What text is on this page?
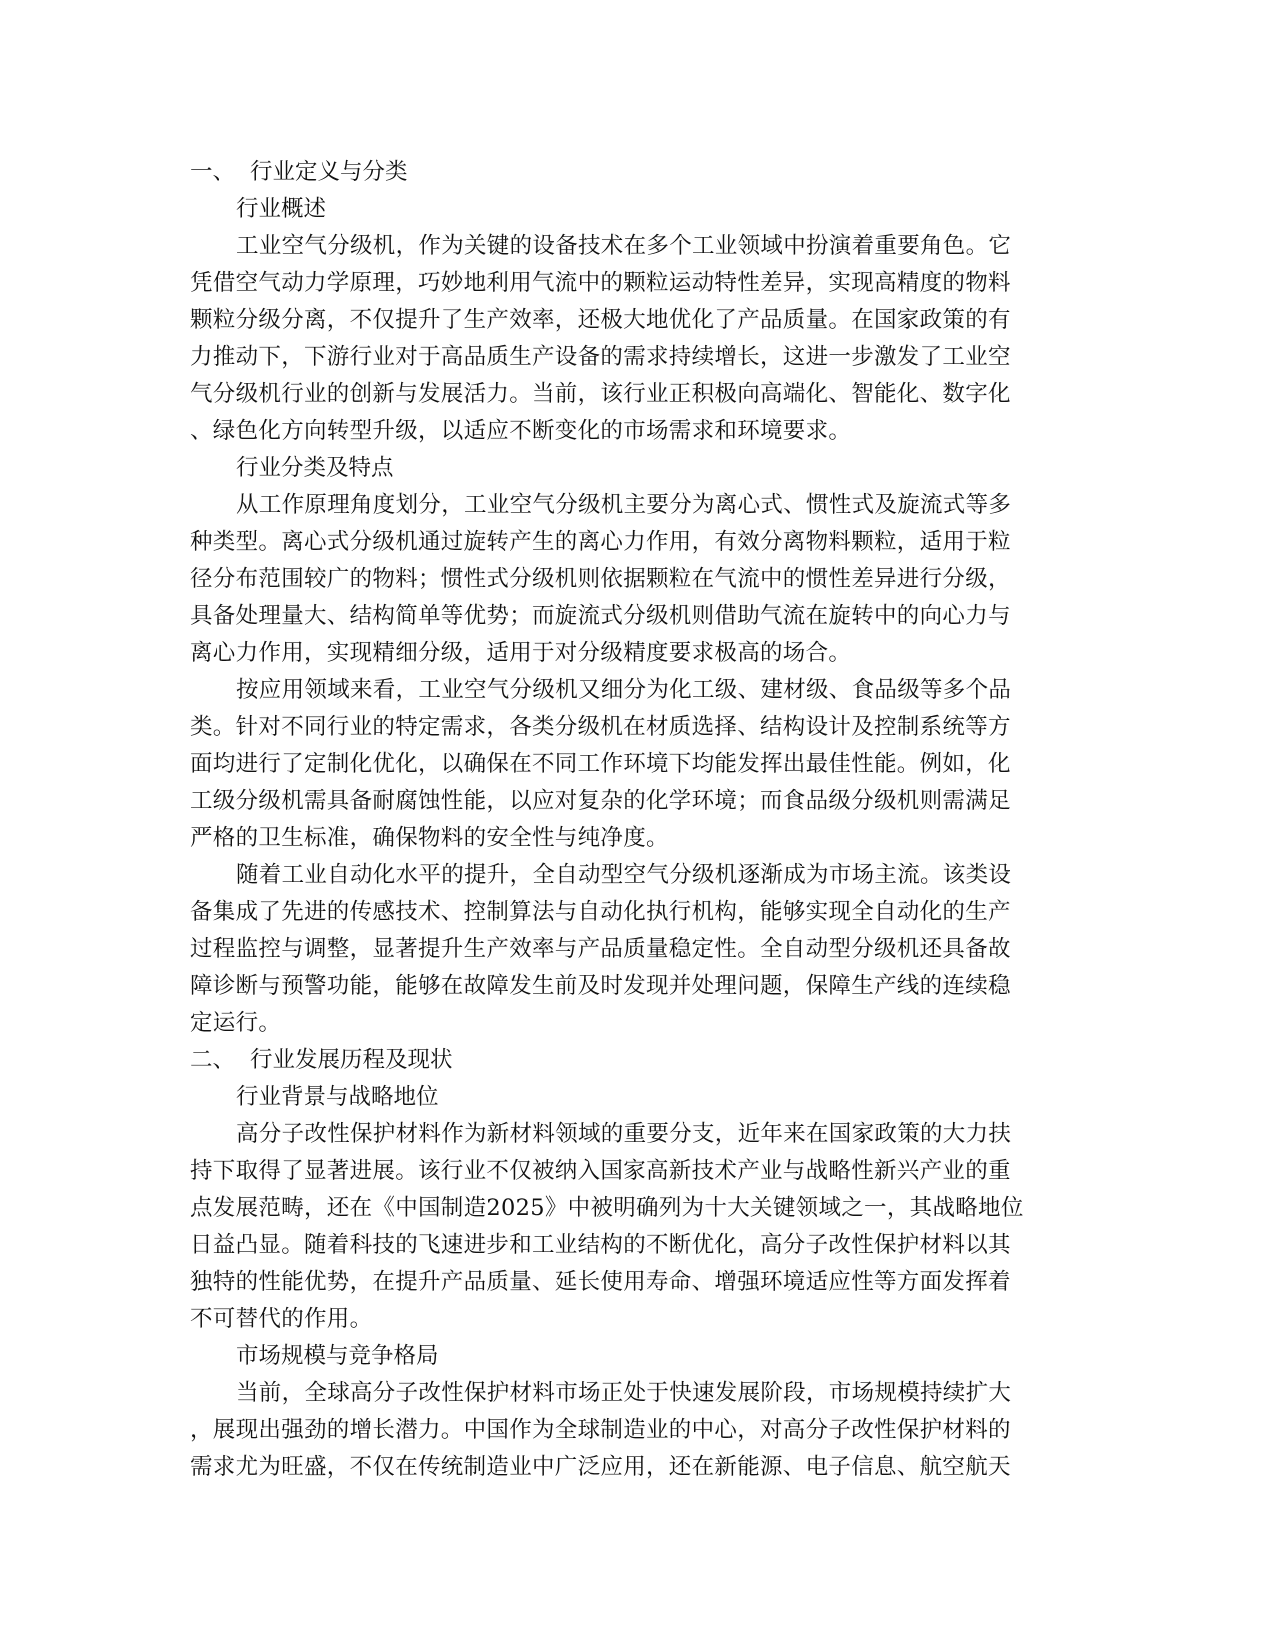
一、 行业定义与分类
行业概述
工业空气分级机，作为关键的设备技术在多个工业领域中扮演着重要角色。它
凭借空气动力学原理，巧妙地利用气流中的颗粒运动特性差异，实现高精度的物料
颗粒分级分离，不仅提升了生产效率，还极大地优化了产品质量。在国家政策的有
力推动下，下游行业对于高品质生产设备的需求持续增长，这进一步激发了工业空
气分级机行业的创新与发展活力。当前，该行业正积极向高端化、智能化、数字化
、绿色化方向转型升级，以适应不断变化的市场需求和环境要求。
行业分类及特点
从工作原理角度划分，工业空气分级机主要分为离心式、惯性式及旋流式等多
种类型。离心式分级机通过旋转产生的离心力作用，有效分离物料颗粒，适用于粒
径分布范围较广的物料；惯性式分级机则依据颗粒在气流中的惯性差异进行分级，
具备处理量大、结构简单等优势；而旋流式分级机则借助气流在旋转中的向心力与
离心力作用，实现精细分级，适用于对分级精度要求极高的场合。
按应用领域来看，工业空气分级机又细分为化工级、建材级、食品级等多个品
类。针对不同行业的特定需求，各类分级机在材质选择、结构设计及控制系统等方
面均进行了定制化优化，以确保在不同工作环境下均能发挥出最佳性能。例如，化
工级分级机需具备耐腐蚀性能，以应对复杂的化学环境；而食品级分级机则需满足
严格的卫生标准，确保物料的安全性与纯净度。
随着工业自动化水平的提升，全自动型空气分级机逐渐成为市场主流。该类设
备集成了先进的传感技术、控制算法与自动化执行机构，能够实现全自动化的生产
过程监控与调整，显著提升生产效率与产品质量稳定性。全自动型分级机还具备故
障诊断与预警功能，能够在故障发生前及时发现并处理问题，保障生产线的连续稳
定运行。
二、 行业发展历程及现状
行业背景与战略地位
高分子改性保护材料作为新材料领域的重要分支，近年来在国家政策的大力扶
持下取得了显著进展。该行业不仅被纳入国家高新技术产业与战略性新兴产业的重
点发展范畴，还在《中国制造2025》中被明确列为十大关键领域之一，其战略地位
日益凸显。随着科技的飞速进步和工业结构的不断优化，高分子改性保护材料以其
独特的性能优势，在提升产品质量、延长使用寿命、增强环境适应性等方面发挥着
不可替代的作用。
市场规模与竞争格局
当前，全球高分子改性保护材料市场正处于快速发展阶段，市场规模持续扩大
，展现出强劲的增长潜力。中国作为全球制造业的中心，对高分子改性保护材料的
需求尤为旺盛，不仅在传统制造业中广泛应用，还在新能源、电子信息、航空航天
